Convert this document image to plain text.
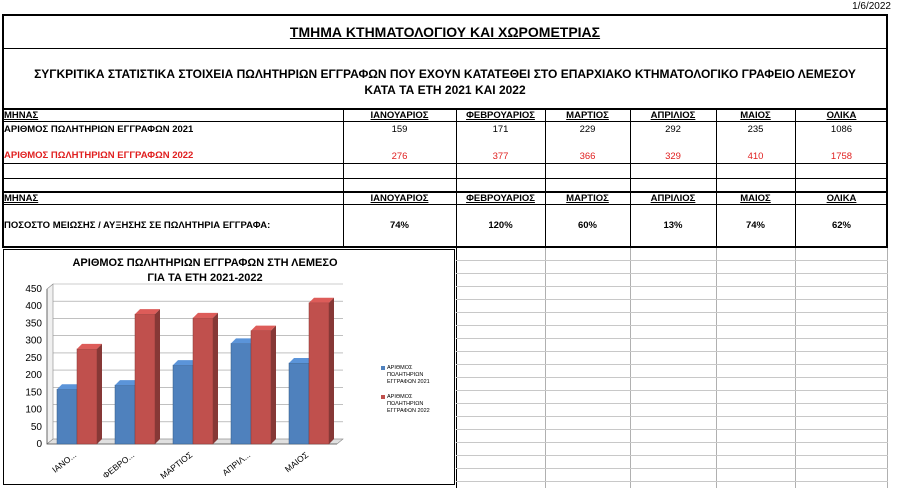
1/6/2022
ΤΜΗΜΑ ΚΤΗΜΑΤΟΛΟΓΙΟΥ ΚΑΙ ΧΩΡΟΜΕΤΡΙΑΣ
ΣΥΓΚΡΙΤΙΚΑ ΣΤΑΤΙΣΤΙΚΑ ΣΤΟΙΧΕΙΑ ΠΩΛΗΤΗΡΙΩΝ ΕΓΓΡΑΦΩΝ ΠΟΥ ΕΧΟΥΝ ΚΑΤΑΤΕΘΕΙ ΣΤΟ ΕΠΑΡΧΙΑΚΟ ΚΤΗΜΑΤΟΛΟΓΙΚΟ ΓΡΑΦΕΙΟ ΛΕΜΕΣΟΥ
ΚΑΤΑ ΤΑ ΕΤΗ 2021 ΚΑΙ 2022
ΜΗΝΑΣ	ΙΑΝΟΥΑΡΙΟΣ	ΦΕΒΡΟΥΑΡΙΟΣ	ΜΑΡΤΙΟΣ	ΑΠΡΙΛΙΟΣ	ΜΑΙΟΣ	ΟΛΙΚΑ
ΑΡΙΘΜΟΣ ΠΩΛΗΤΗΡΙΩΝ ΕΓΓΡΑΦΩΝ 2021	159	171	229	292	235	1086
ΑΡΙΘΜΟΣ ΠΩΛΗΤΗΡΙΩΝ ΕΓΓΡΑΦΩΝ 2022	276	377	366	329	410	1758
ΜΗΝΑΣ	ΙΑΝΟΥΑΡΙΟΣ	ΦΕΒΡΟΥΑΡΙΟΣ	ΜΑΡΤΙΟΣ	ΑΠΡΙΛΙΟΣ	ΜΑΙΟΣ	ΟΛΙΚΑ
ΠΟΣΟΣΤΟ ΜΕΙΩΣΗΣ / ΑΥΞΗΣΗΣ ΣΕ ΠΩΛΗΤΗΡΙΑ ΕΓΓΡΑΦΑ:	74%	120%	60%	13%	74%	62%
ΑΡΙΘΜΟΣ ΠΩΛΗΤΗΡΙΩΝ ΕΓΓΡΑΦΩΝ ΣΤΗ ΛΕΜΕΣΟ
ΓΙΑ ΤΑ ΕΤΗ 2021-2022
0
50
100
150
200
250
300
350
400
450
ΙΑΝΟ...	ΦΕΒΡΟ...	ΜΑΡΤΙΟΣ	ΑΠΡΙΛ...	ΜΑΙΟΣ
ΑΡΙΘΜΟΣ
ΠΩΛΗΤΗΡΙΩΝ
ΕΓΓΡΑΦΩΝ 2021
ΑΡΙΘΜΟΣ
ΠΩΛΗΤΗΡΙΩΝ
ΕΓΓΡΑΦΩΝ 2022
